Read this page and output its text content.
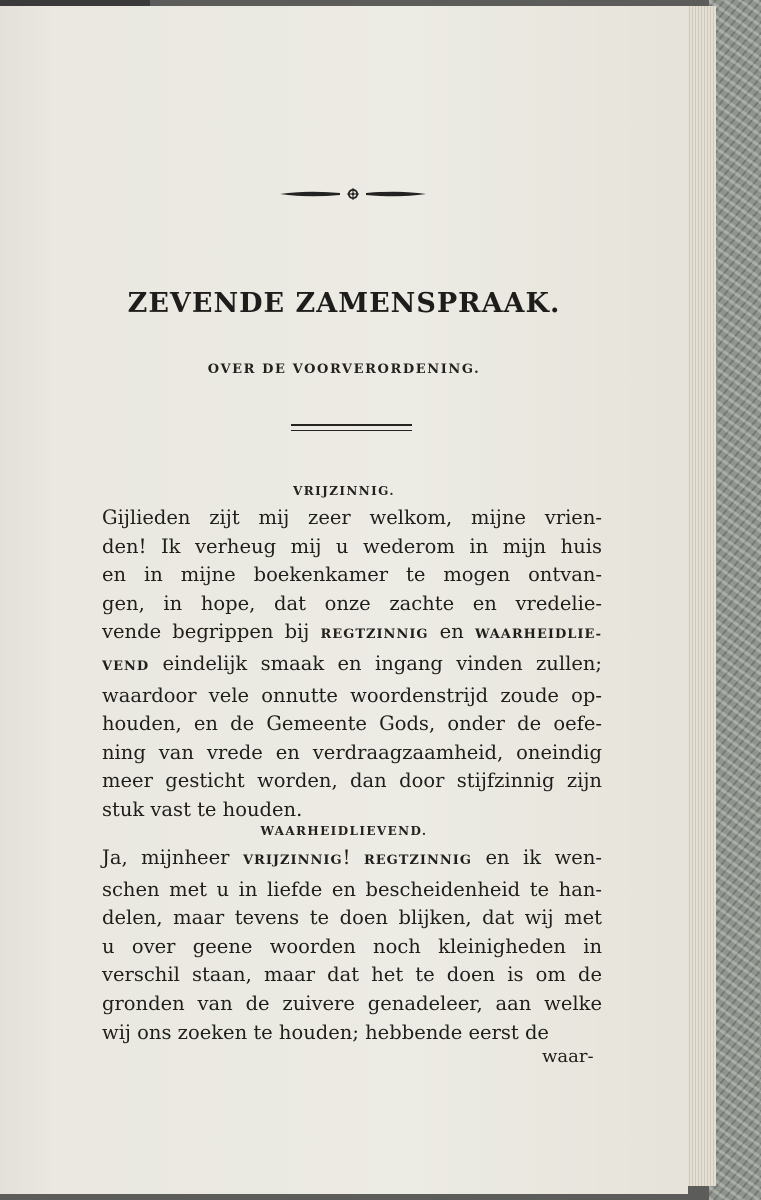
ZEVENDE ZAMENSPRAAK.
OVER DE VOORVERORDENING.

VRIJZINNIG.

Gijlieden zijt mij zeer welkom, mijne vrien-
den! Ik verheug mij u wederom in mijn huis
en in mijne boekenkamer te mogen ontvan-
gen, in hope, dat onze zachte en vredelie-
vende begrippen bij REGTZINNIG en WAARHEIDLIE-
VEND eindelijk smaak en ingang vinden zullen;
waardoor vele onnutte woordenstrijd zoude op-
houden, en de Gemeente Gods, onder de oefe-
ning van vrede en verdraagzaamheid, oneindig
meer gesticht worden, dan door stijfzinnig zijn
stuk vast te houden.

WAARHEIDLIEVEND.

Ja, mijnheer VRIJZINNIG! REGTZINNIG en ik wen-
schen met u in liefde en bescheidenheid te han-
delen, maar tevens te doen blijken, dat wij met
u over geene woorden noch kleinigheden in
verschil staan, maar dat het te doen is om de
gronden van de zuivere genadeleer, aan welke
wij ons zoeken te houden; hebbende eerst de

waar-
